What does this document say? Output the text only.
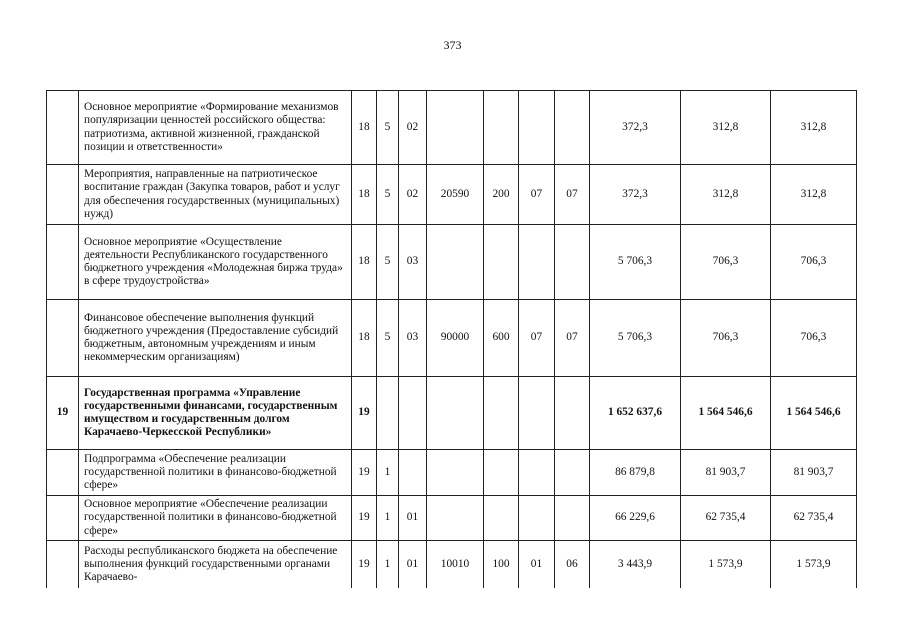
373
	Основное мероприятие «Формирование механизмов популяризации ценностей российского общества: патриотизма, активной жизненной, гражданской позиции и ответственности»	18	5	02					372,3	312,8	312,8
	Мероприятия, направленные на патриотическое воспитание граждан (Закупка товаров, работ и услуг для обеспечения государственных (муниципальных) нужд)	18	5	02	20590	200	07	07	372,3	312,8	312,8
	Основное мероприятие «Осуществление деятельности Республиканского государственного бюджетного учреждения «Молодежная биржа труда» в сфере трудоустройства»	18	5	03					5 706,3	706,3	706,3
	Финансовое обеспечение выполнения функций бюджетного учреждения (Предоставление субсидий бюджетным, автономным учреждениям и иным некоммерческим организациям)	18	5	03	90000	600	07	07	5 706,3	706,3	706,3
19	Государственная программа «Управление государственными финансами, государственным имуществом и государственным долгом Карачаево-Черкесской Республики»	19							1 652 637,6	1 564 546,6	1 564 546,6
	Подпрограмма «Обеспечение реализации государственной политики в финансово-бюджетной сфере»	19	1						86 879,8	81 903,7	81 903,7
	Основное мероприятие «Обеспечение реализации государственной политики в финансово-бюджетной сфере»	19	1	01					66 229,6	62 735,4	62 735,4
	Расходы республиканского бюджета на обеспечение выполнения функций государственными органами Карачаево-	19	1	01	10010	100	01	06	3 443,9	1 573,9	1 573,9
